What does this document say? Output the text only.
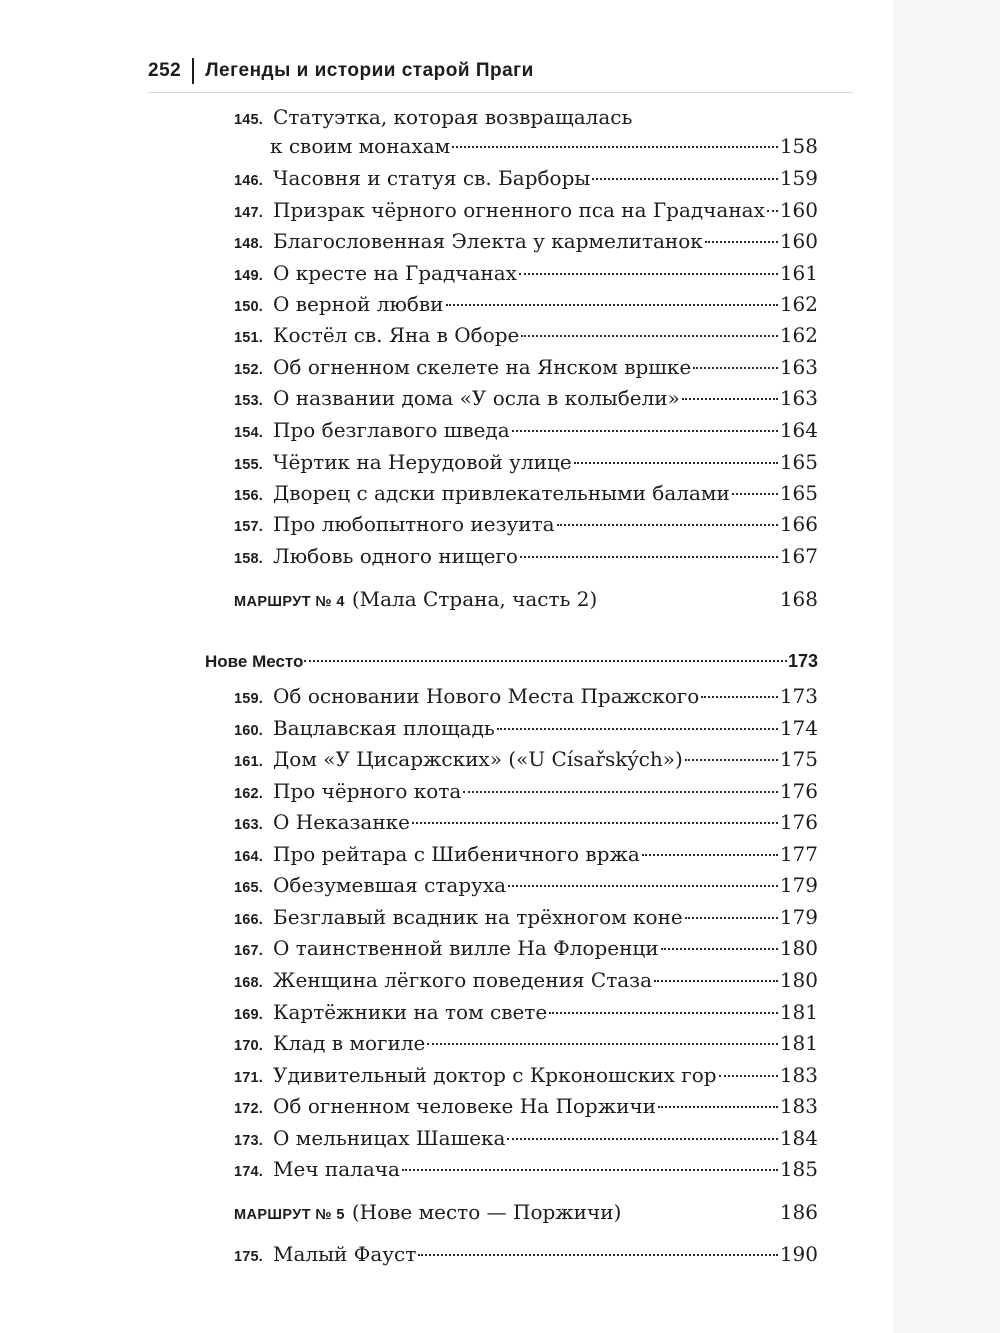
252 Легенды и истории старой Праги
145. Статуэтка, которая возвращалась
к своим монахам	158
146. Часовня и статуя св. Барборы	159
147. Призрак чёрного огненного пса на Градчанах 160
148. Благословенная Электа у кармелитанок	160
149. О кресте на Градчанах	161
150. О верной любви	162
151. Костёл св. Яна в Оборе	162
152. Об огненном скелете на Янском вршке	163
153. О названии дома «У осла в колыбели»	163
154. Про безглавого шведа	164
155. Чёртик на Нерудовой улице	165
156. Дворец с адски привлекательными балами	165
157. Про любопытного иезуита	166
158. Любовь одного нищего	167
МАРШРУТ № 4 (Мала Страна, часть 2)	168
Нове Место	173
159. Об основании Нового Места Пражского	173
160. Вацлавская площадь	174
161. Дом «У Цисаржских» («U Císařských»)	175
162. Про чёрного кота	176
163. О Неказанке	176
164. Про рейтара с Шибеничного вржа	177
165. Обезумевшая старуха	179
166. Безглавый всадник на трёхногом коне	179
167. О таинственной вилле На Флоренци	180
168. Женщина лёгкого поведения Стаза	180
169. Картёжники на том свете	181
170. Клад в могиле	181
171. Удивительный доктор с Крконошских гор	183
172. Об огненном человеке На Поржичи	183
173. О мельницах Шашека	184
174. Меч палача	185
МАРШРУТ № 5 (Нове место — Поржичи)	186
175. Малый Фауст	190
